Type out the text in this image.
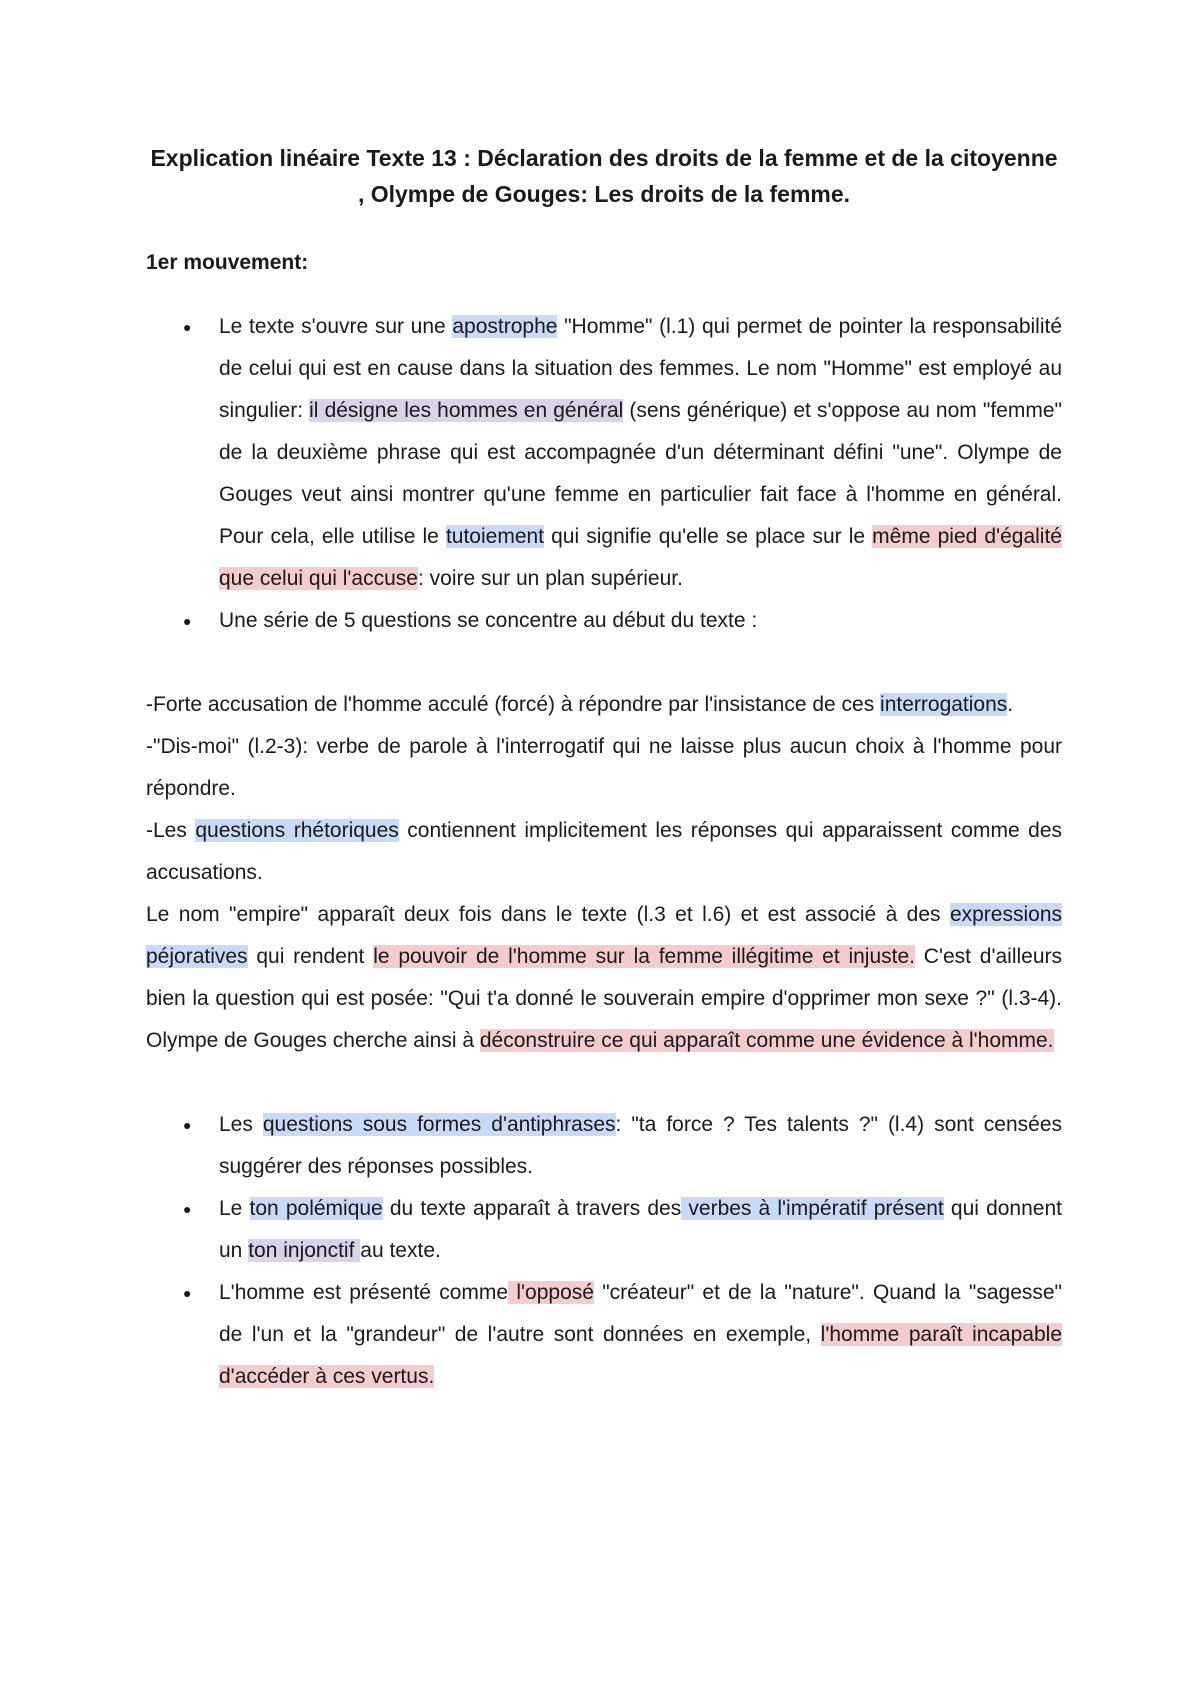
Explication linéaire Texte 13 : Déclaration des droits de la femme et de la citoyenne , Olympe de Gouges: Les droits de la femme.
1er mouvement:
● Le texte s'ouvre sur une apostrophe "Homme" (l.1) qui permet de pointer la responsabilité de celui qui est en cause dans la situation des femmes. Le nom "Homme" est employé au singulier: il désigne les hommes en général (sens générique) et s'oppose au nom "femme" de la deuxième phrase qui est accompagnée d'un déterminant défini "une". Olympe de Gouges veut ainsi montrer qu'une femme en particulier fait face à l'homme en général. Pour cela, elle utilise le tutoiement qui signifie qu'elle se place sur le même pied d'égalité que celui qui l'accuse: voire sur un plan supérieur.
● Une série de 5 questions se concentre au début du texte :

-Forte accusation de l'homme acculé (forcé) à répondre par l'insistance de ces interrogations.

-"Dis-moi" (l.2-3): verbe de parole à l'interrogatif qui ne laisse plus aucun choix à l'homme pour répondre.

-Les questions rhétoriques contiennent implicitement les réponses qui apparaissent comme des accusations.

Le nom "empire" apparaît deux fois dans le texte (l.3 et l.6) et est associé à des expressions péjoratives qui rendent le pouvoir de l'homme sur la femme illégitime et injuste. C'est d'ailleurs bien la question qui est posée: "Qui t'a donné le souverain empire d'opprimer mon sexe ?" (l.3-4). Olympe de Gouges cherche ainsi à déconstruire ce qui apparaît comme une évidence à l'homme.

● Les questions sous formes d'antiphrases: "ta force ? Tes talents ?" (l.4) sont censées suggérer des réponses possibles.
● Le ton polémique du texte apparaît à travers des verbes à l'impératif présent qui donnent un ton injonctif au texte.
● L'homme est présenté comme l'opposé "créateur" et de la "nature". Quand la "sagesse" de l'un et la "grandeur" de l'autre sont données en exemple, l'homme paraît incapable d'accéder à ces vertus.
